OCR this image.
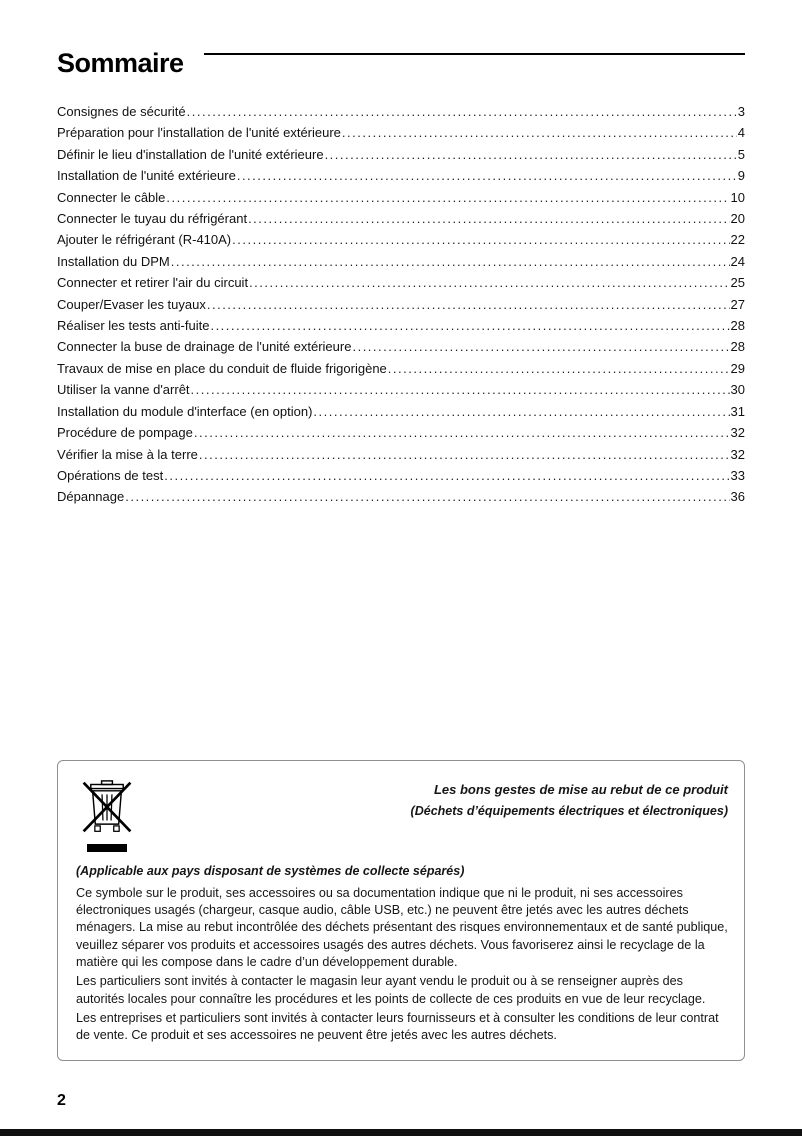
Sommaire
Consignes de sécurité .....	3
Préparation pour l'installation de l'unité extérieure .....	4
Définir le lieu d'installation de l'unité extérieure .....	5
Installation de l'unité extérieure .....	9
Connecter le câble .....	10
Connecter le tuyau du réfrigérant .....	20
Ajouter le réfrigérant (R-410A) .....	22
Installation du DPM .....	24
Connecter et retirer l'air du circuit .....	25
Couper/Evaser les tuyaux .....	27
Réaliser les tests anti-fuite .....	28
Connecter la buse de drainage de l'unité extérieure .....	28
Travaux de mise en place du conduit de fluide frigorigène .....	29
Utiliser la vanne d'arrêt .....	30
Installation du module d'interface (en option) .....	31
Procédure de pompage .....	32
Vérifier la mise à la terre .....	32
Opérations de test .....	33
Dépannage .....	36
Les bons gestes de mise au rebut de ce produit
(Déchets d’équipements électriques et électroniques)
(Applicable aux pays disposant de systèmes de collecte séparés)

Ce symbole sur le produit, ses accessoires ou sa documentation indique que ni le produit, ni ses accessoires électroniques usagés (chargeur, casque audio, câble USB, etc.) ne peuvent être jetés avec les autres déchets ménagers. La mise au rebut incontrôlée des déchets présentant des risques environnementaux et de santé publique, veuillez séparer vos produits et accessoires usagés des autres déchets. Vous favoriserez ainsi le recyclage de la matière qui les compose dans le cadre d’un développement durable.

Les particuliers sont invités à contacter le magasin leur ayant vendu le produit ou à se renseigner auprès des autorités locales pour connaître les procédures et les points de collecte de ces produits en vue de leur recyclage.

Les entreprises et particuliers sont invités à contacter leurs fournisseurs et à consulter les conditions de leur contrat de vente. Ce produit et ses accessoires ne peuvent être jetés avec les autres déchets.

2
